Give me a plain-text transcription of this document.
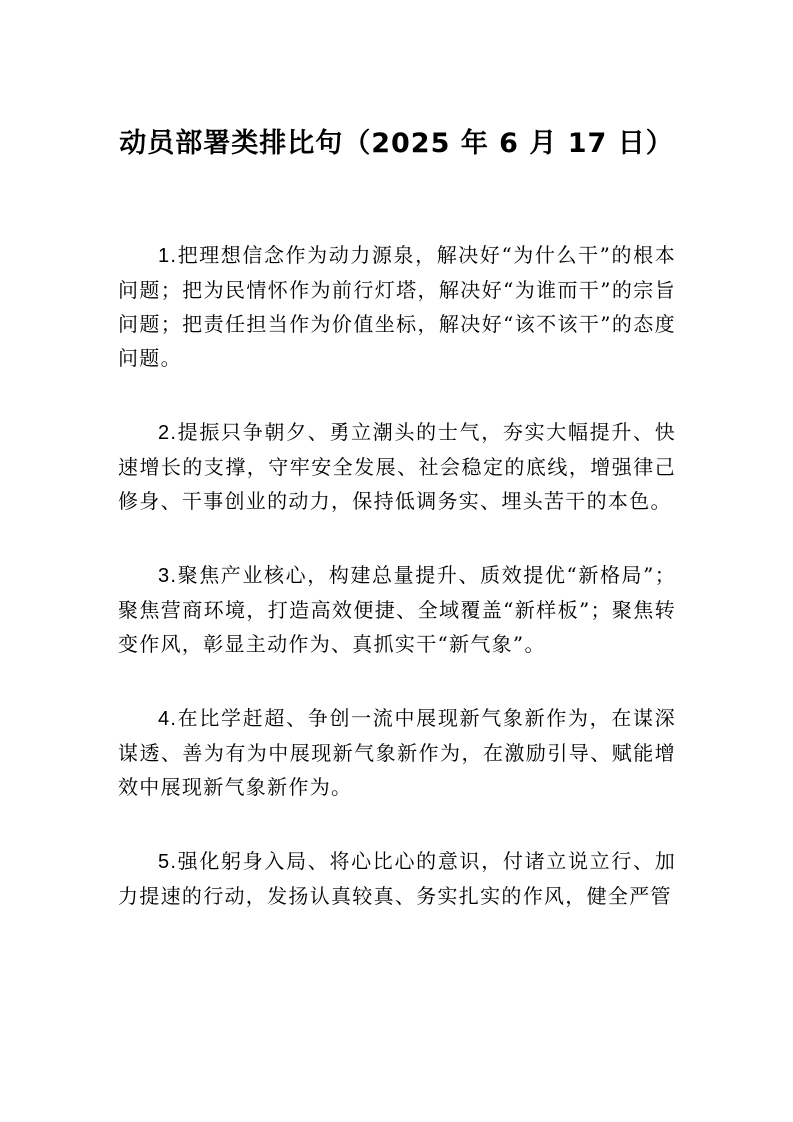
动员部署类排比句（2025 年 6 月 17 日）

1.把理想信念作为动力源泉，解决好“为什么干”的根本问题；把为民情怀作为前行灯塔，解决好“为谁而干”的宗旨问题；把责任担当作为价值坐标，解决好“该不该干”的态度问题。

2.提振只争朝夕、勇立潮头的士气，夯实大幅提升、快速增长的支撑，守牢安全发展、社会稳定的底线，增强律己修身、干事创业的动力，保持低调务实、埋头苦干的本色。

3.聚焦产业核心，构建总量提升、质效提优“新格局”；聚焦营商环境，打造高效便捷、全域覆盖“新样板”；聚焦转变作风，彰显主动作为、真抓实干“新气象”。

4.在比学赶超、争创一流中展现新气象新作为，在谋深谋透、善为有为中展现新气象新作为，在激励引导、赋能增效中展现新气象新作为。

5.强化躬身入局、将心比心的意识，付诸立说立行、加力提速的行动，发扬认真较真、务实扎实的作风，健全严管
